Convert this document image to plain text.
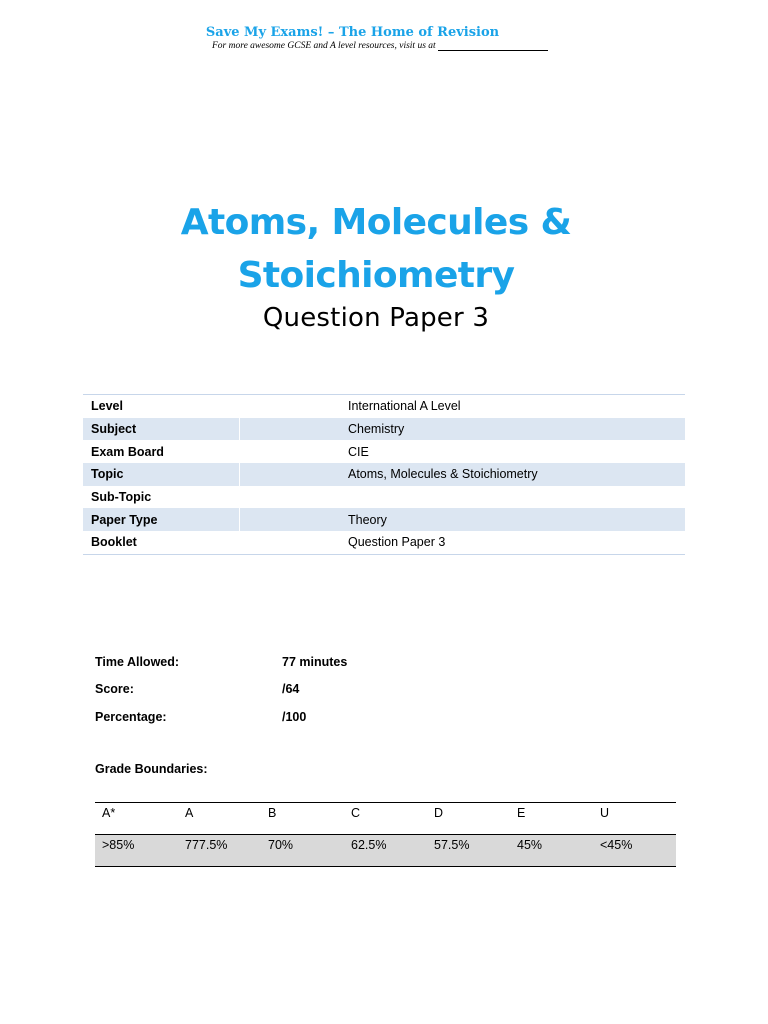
Save My Exams! – The Home of Revision
For more awesome GCSE and A level resources, visit us at
Atoms, Molecules &
Stoichiometry
Question Paper 3
Level	International A Level
Subject	Chemistry
Exam Board	CIE
Topic	Atoms, Molecules & Stoichiometry
Sub-Topic
Paper Type	Theory
Booklet	Question Paper 3
Time Allowed:	77 minutes
Score:	/64
Percentage:	/100
Grade Boundaries:
A*	A	B	C	D	E	U
>85%	777.5%	70%	62.5%	57.5%	45%	<45%
